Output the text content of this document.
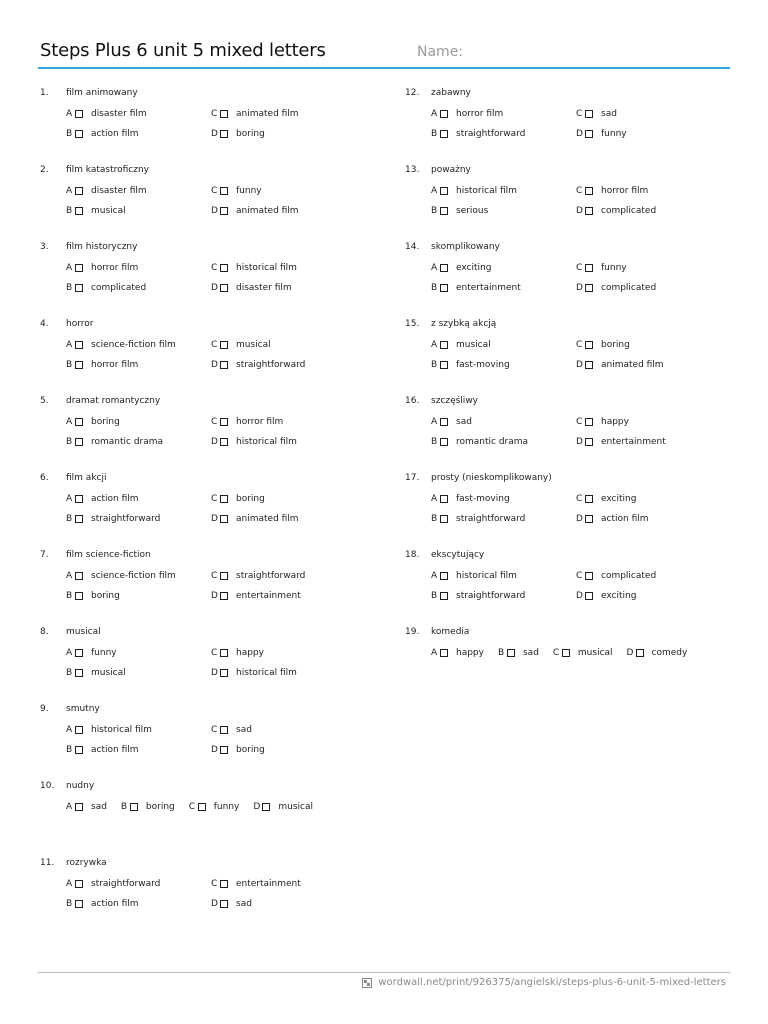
Steps Plus 6 unit 5 mixed letters	Name:
1. film animowany
A	disaster film	C	animated film
B	action film	D boring
2. film katastroficzny
A	disaster film	C	funny
B	musical	D animated film
3. film historyczny
A	horror film	C	historical film
B	complicated	D disaster film
4. horror
A	science-fiction film	C	musical
B	horror film	D straightforward
5. dramat romantyczny
A	boring	C	horror film
B	romantic drama	D historical film
6. film akcji
A	action film	C	boring
B	straightforward	D animated film
7. film science-fiction
A	science-fiction film	C	straightforward
B	boring	D entertainment
8. musical
A	funny	C	happy
B	musical	D historical film
9. smutny
A	historical film	C	sad
B	action film	D boring
10. nudny
A	sad B	boring C	funny D musical
11. rozrywka
A	straightforward	C	entertainment
B	action film	D sad
12. zabawny
A	horror film	C	sad
B	straightforward	D funny
13. poważny
A	historical film	C	horror film
B	serious	D complicated
14. skomplikowany
A	exciting	C	funny
B	entertainment	D complicated
15. z szybką akcją
A	musical	C	boring
B	fast-moving	D animated film
16. szczęśliwy
A	sad	C	happy
B	romantic drama	D entertainment
17. prosty (nieskomplikowany)
A	fast-moving	C	exciting
B	straightforward	D action film
18. ekscytujący
A	historical film	C	complicated
B	straightforward	D exciting
19. komedia
A	happy B	sad C	musical D comedy
wordwall.net/print/926375/angielski/steps-plus-6-unit-5-mixed-letters
